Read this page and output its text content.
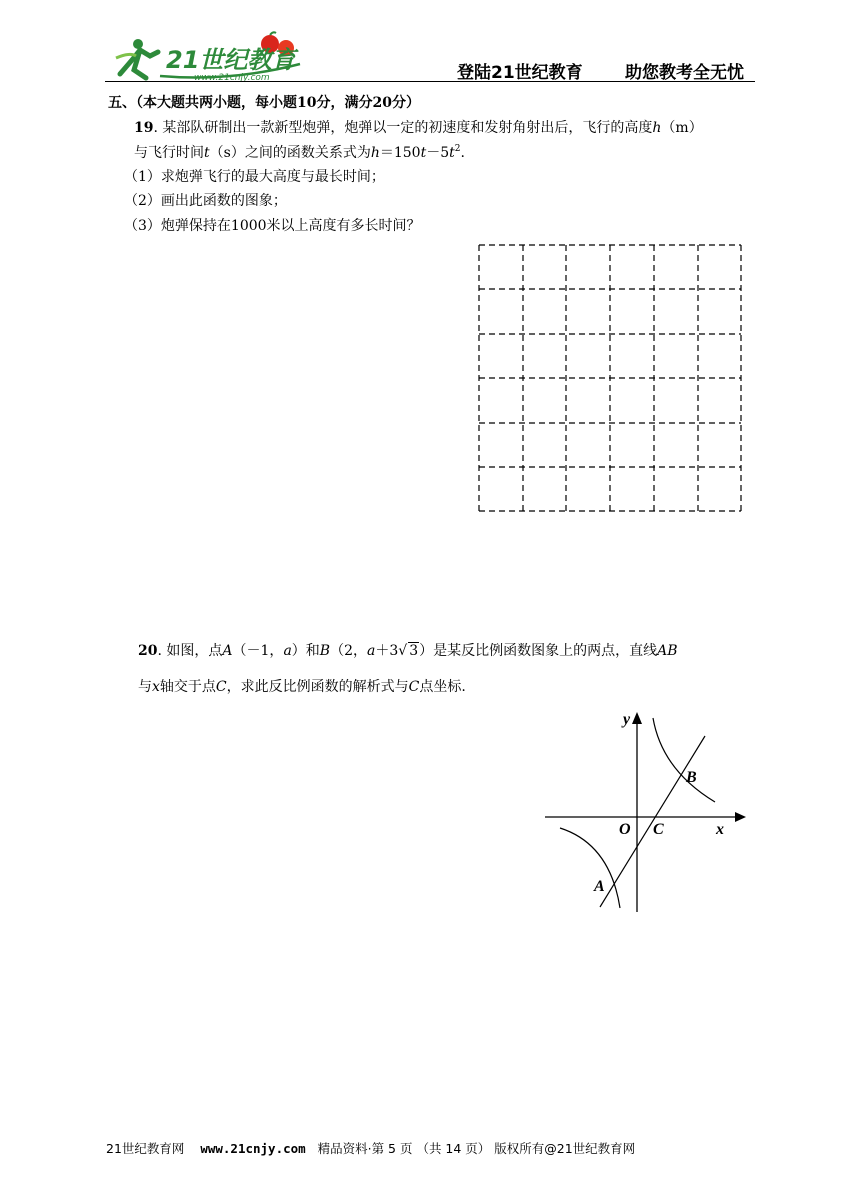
21世纪教育
www.21cnjy.com	登陆21世纪教育 助您教考全无忧
五、（本大题共两小题，每小题10分，满分20分）
19. 某部队研制出一款新型炮弹，炮弹以一定的初速度和发射角射出后，飞行的高度h（m）
与飞行时间t（s）之间的函数关系式为$h=150t-5t^2$.
（1）求炮弹飞行的最大高度与最长时间；
（2）画出此函数的图象；
（3）炮弹保持在1000米以上高度有多长时间？
20. 如图，点A（－1，a）和B（2，a＋3√ 3）是某反比例函数图象上的两点，直线AB
与x轴交于点C，求此反比例函数的解析式与C点坐标.
y
x
O C
A
B
21世纪教育网 www.21cnjy.com 精品资料·第 5 页 （共 14 页） 版权所有@21世纪教育网
